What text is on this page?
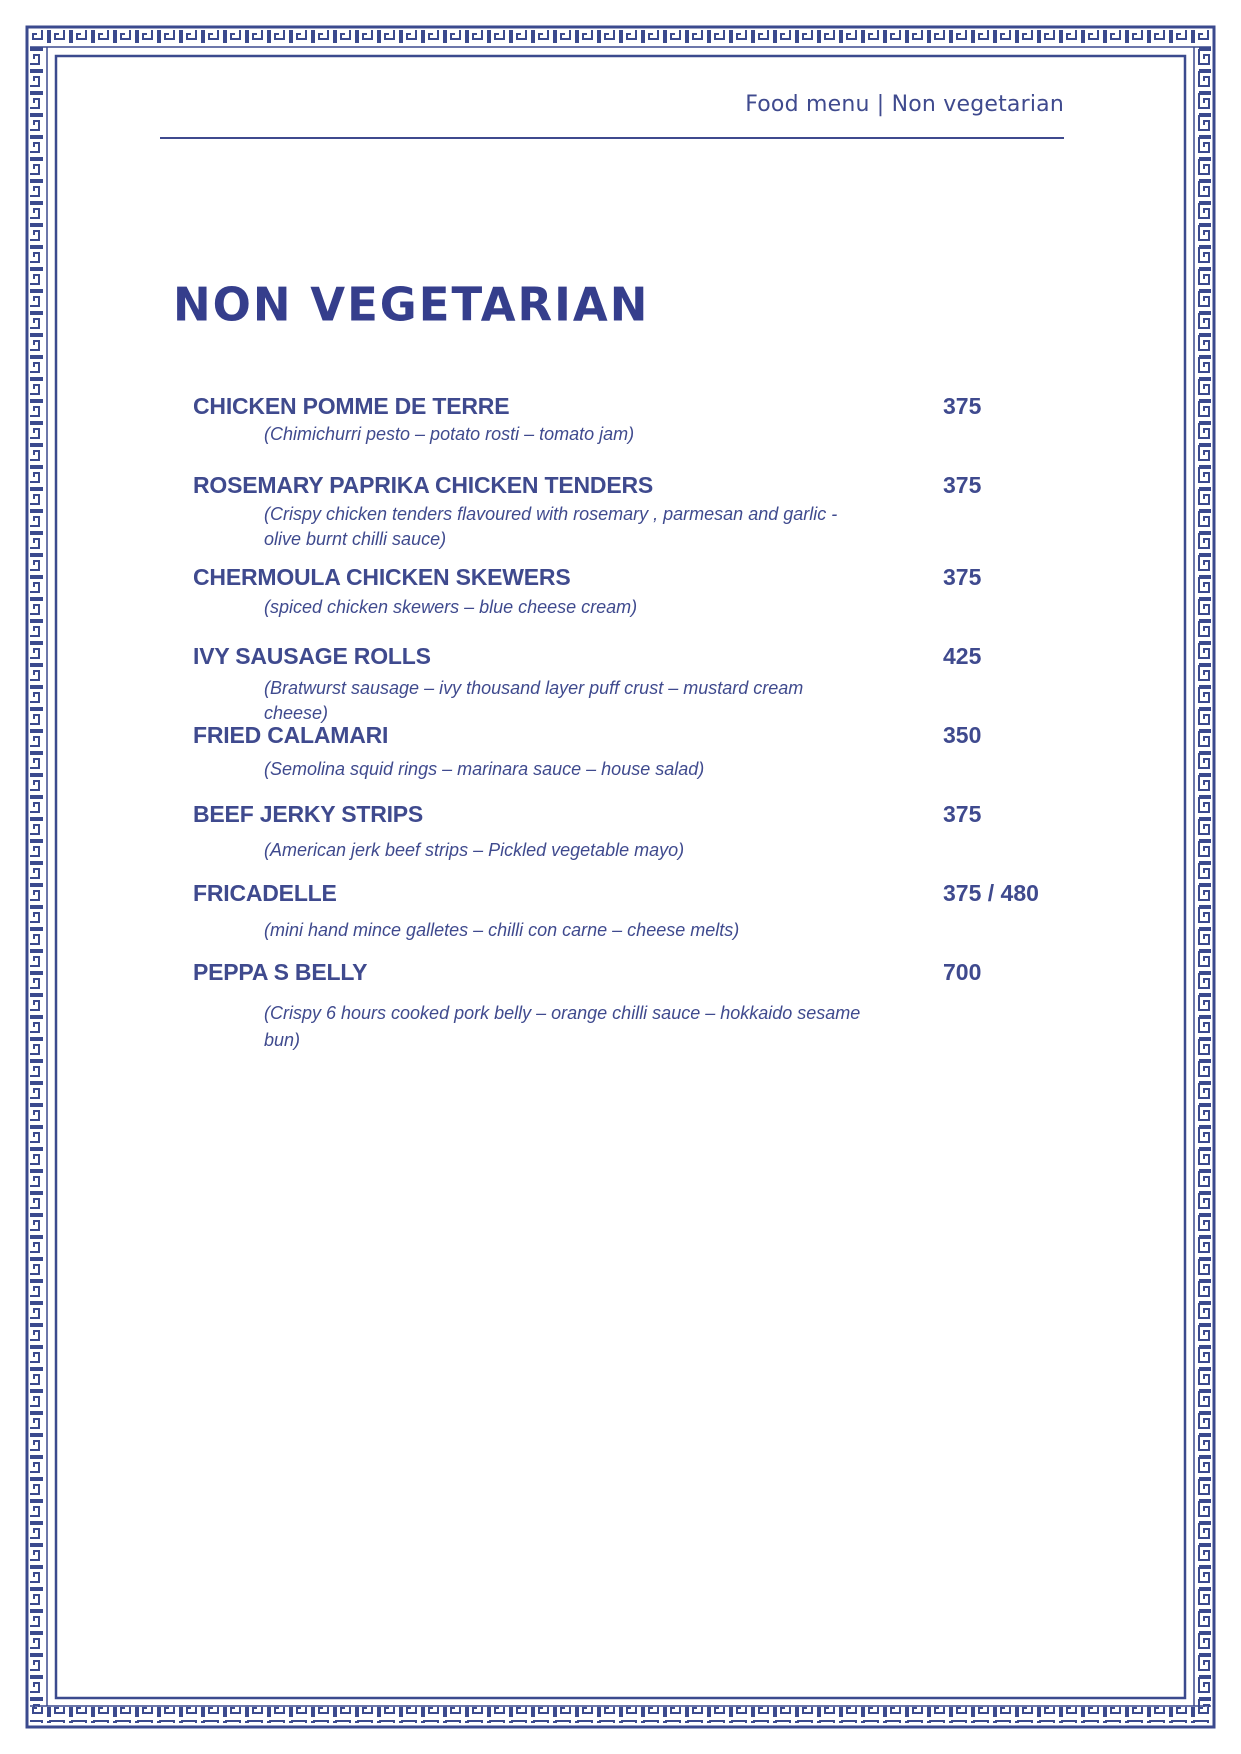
Food menu | Non vegetarian
NON VEGETARIAN
CHICKEN POMME DE TERRE	375
(Chimichurri pesto – potato rosti – tomato jam)
ROSEMARY PAPRIKA CHICKEN TENDERS	375
(Crispy chicken tenders flavoured with rosemary , parmesan and garlic -olive burnt chilli sauce)
CHERMOULA CHICKEN SKEWERS	375
(spiced chicken skewers – blue cheese cream)
IVY SAUSAGE ROLLS	425
(Bratwurst sausage – ivy thousand layer puff crust – mustard cream cheese)
FRIED CALAMARI	350
(Semolina squid rings – marinara sauce – house salad)
BEEF JERKY STRIPS	375
(American jerk beef strips – Pickled vegetable mayo)
FRICADELLE	375 / 480
(mini hand mince galletes – chilli con carne – cheese melts)
PEPPA S BELLY	700
(Crispy 6 hours cooked pork belly – orange chilli sauce – hokkaido sesame bun)
